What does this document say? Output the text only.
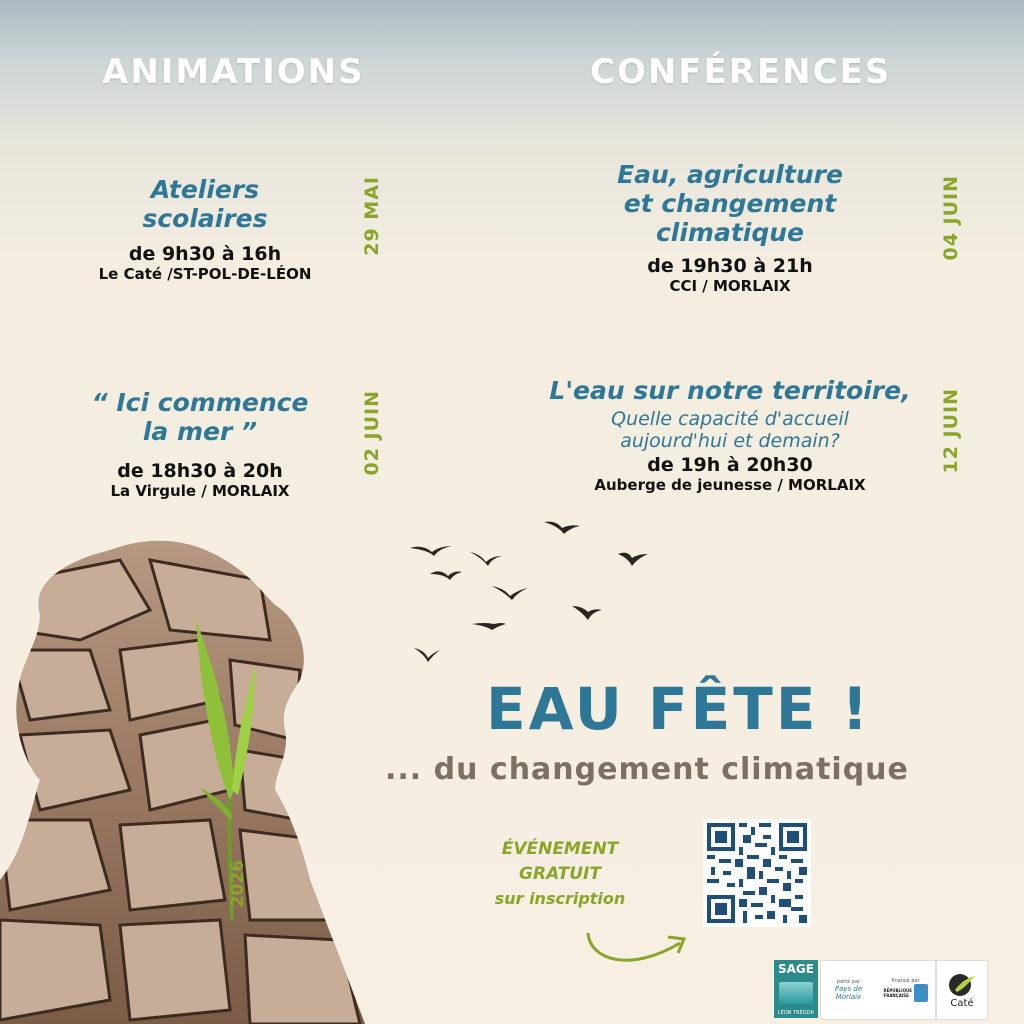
ANIMATIONS	CONFÉRENCES
Ateliers
scolaires
de 9h30 à 16h
Le Caté /ST-POL-DE-LÉON
29 MAI
“ Ici commence
la mer ”
de 18h30 à 20h
La Virgule / MORLAIX
02 JUIN
Eau, agriculture
et changement
climatique
de 19h30 à 21h
CCI / MORLAIX
04 JUIN
L'eau sur notre territoire,
Quelle capacité d'accueil
aujourd'hui et demain?
de 19h à 20h30
Auberge de jeunesse / MORLAIX
12 JUIN
2026
EAU FÊTE !
... du changement climatique
ÉVÉNEMENT
GRATUIT
sur inscription
SAGE
LÉON TRÉGOR
porté par
Pays de Morlaix
financé par
RÉPUBLIQUE FRANÇAISE
Caté
